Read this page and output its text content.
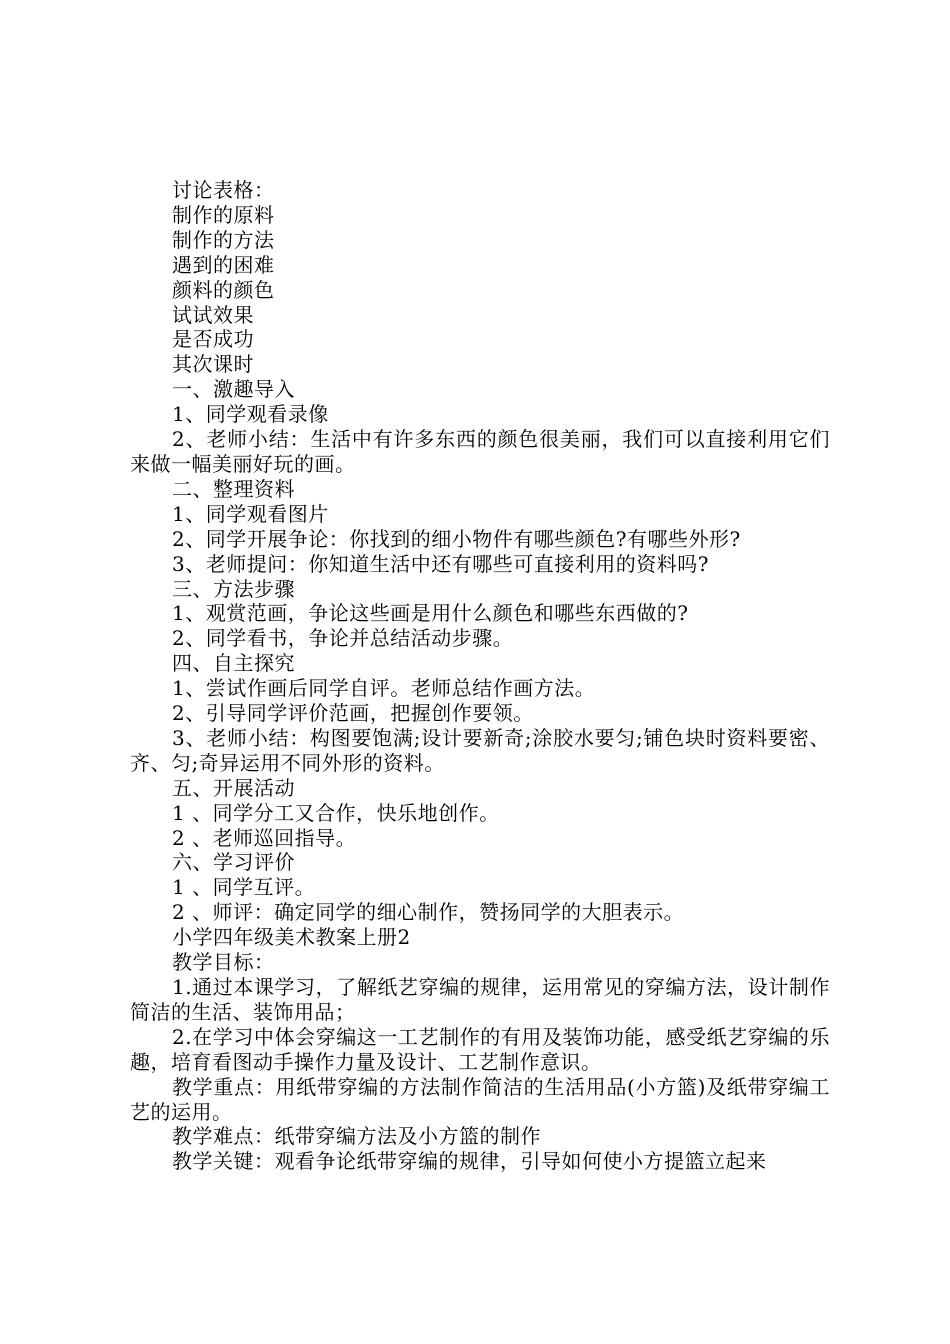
讨论表格：

制作的原料

制作的方法

遇到的困难

颜料的颜色

试试效果

是否成功

其次课时

一、激趣导入

1、同学观看录像

2、老师小结：生活中有许多东西的颜色很美丽，我们可以直接利用它们来做一幅美丽好玩的画。

二、整理资料

1、同学观看图片

2、同学开展争论：你找到的细小物件有哪些颜色?有哪些外形?

3、老师提问：你知道生活中还有哪些可直接利用的资料吗?

三、方法步骤

1、观赏范画，争论这些画是用什么颜色和哪些东西做的?

2、同学看书，争论并总结活动步骤。

四、自主探究

1、尝试作画后同学自评。老师总结作画方法。

2、引导同学评价范画，把握创作要领。

3、老师小结：构图要饱满;设计要新奇;涂胶水要匀;铺色块时资料要密、齐、匀;奇异运用不同外形的资料。

五、开展活动

1 、同学分工又合作，快乐地创作。

2 、老师巡回指导。

六、学习评价

1 、同学互评。

2 、师评：确定同学的细心制作，赞扬同学的大胆表示。

小学四年级美术教案上册2

教学目标：

1.通过本课学习，了解纸艺穿编的规律，运用常见的穿编方法，设计制作简洁的生活、装饰用品；

2.在学习中体会穿编这一工艺制作的有用及装饰功能，感受纸艺穿编的乐趣，培育看图动手操作力量及设计、工艺制作意识。

教学重点：用纸带穿编的方法制作简洁的生活用品(小方篮)及纸带穿编工艺的运用。

教学难点：纸带穿编方法及小方篮的制作

教学关键：观看争论纸带穿编的规律，引导如何使小方提篮立起来
